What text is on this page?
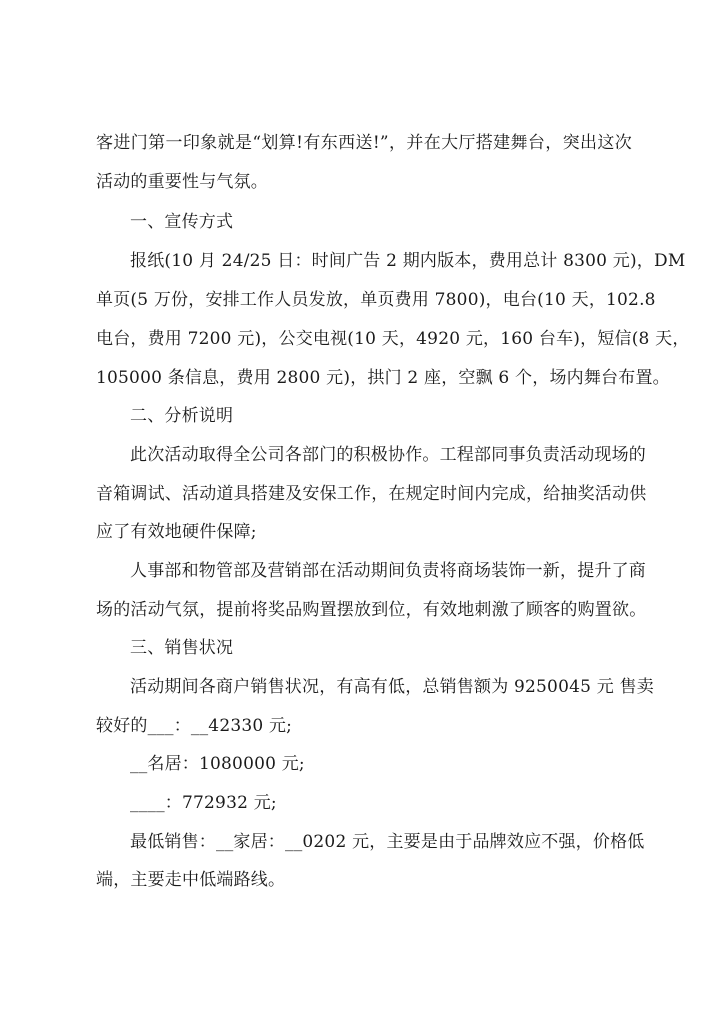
客进门第一印象就是“划算!有东西送!”，并在大厅搭建舞台，突出这次
活动的重要性与气氛。
一、宣传方式
报纸(10 月 24/25 日：时间广告 2 期内版本，费用总计 8300 元)，DM
单页(5 万份，安排工作人员发放，单页费用 7800)，电台(10 天，102.8
电台，费用 7200 元)，公交电视(10 天，4920 元，160 台车)，短信(8 天，
105000 条信息，费用 2800 元)，拱门 2 座，空飘 6 个，场内舞台布置。
二、分析说明
此次活动取得全公司各部门的积极协作。工程部同事负责活动现场的
音箱调试、活动道具搭建及安保工作，在规定时间内完成，给抽奖活动供
应了有效地硬件保障;
人事部和物管部及营销部在活动期间负责将商场装饰一新，提升了商
场的活动气氛，提前将奖品购置摆放到位，有效地刺激了顾客的购置欲。
三、销售状况
活动期间各商户销售状况，有高有低，总销售额为 9250045 元 售卖
较好的___：__42330 元;
__名居：1080000 元;
____：772932 元;
最低销售：__家居：__0202 元，主要是由于品牌效应不强，价格低
端，主要走中低端路线。
